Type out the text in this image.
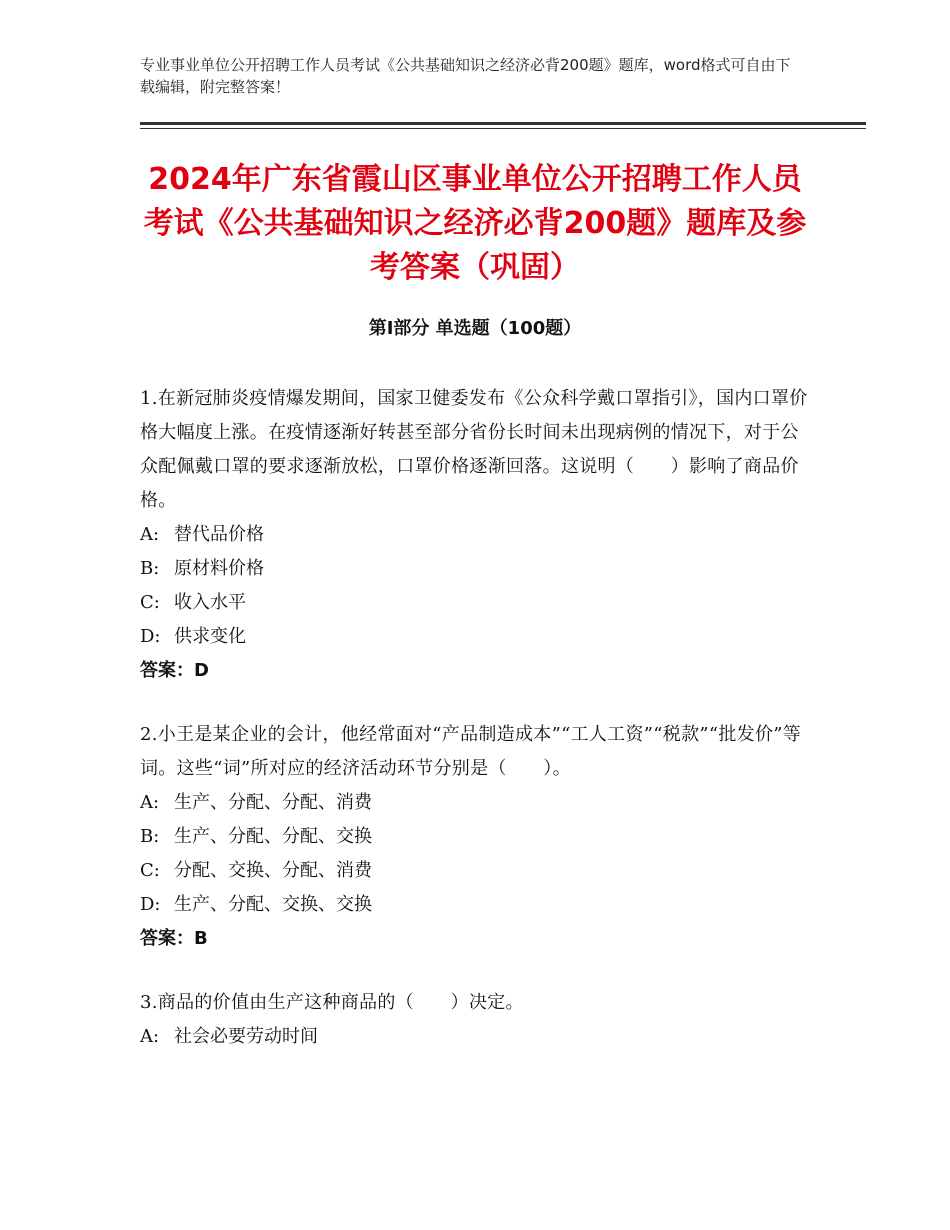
专业事业单位公开招聘工作人员考试《公共基础知识之经济必背200题》题库，word格式可自由下载编辑，附完整答案！
2024年广东省霞山区事业单位公开招聘工作人员考试《公共基础知识之经济必背200题》题库及参考答案（巩固）
第Ⅰ部分 单选题（100题）
1.在新冠肺炎疫情爆发期间，国家卫健委发布《公众科学戴口罩指引》，国内口罩价格大幅度上涨。在疫情逐渐好转甚至部分省份长时间未出现病例的情况下，对于公众配佩戴口罩的要求逐渐放松，口罩价格逐渐回落。这说明（　　）影响了商品价格。
A: 替代品价格
B: 原材料价格
C: 收入水平
D: 供求变化
答案：D
2.小王是某企业的会计，他经常面对“产品制造成本”“工人工资”“税款”“批发价”等词。这些“词”所对应的经济活动环节分别是（　　）。
A: 生产、分配、分配、消费
B: 生产、分配、分配、交换
C: 分配、交换、分配、消费
D: 生产、分配、交换、交换
答案：B
3.商品的价值由生产这种商品的（　　）决定。
A: 社会必要劳动时间
